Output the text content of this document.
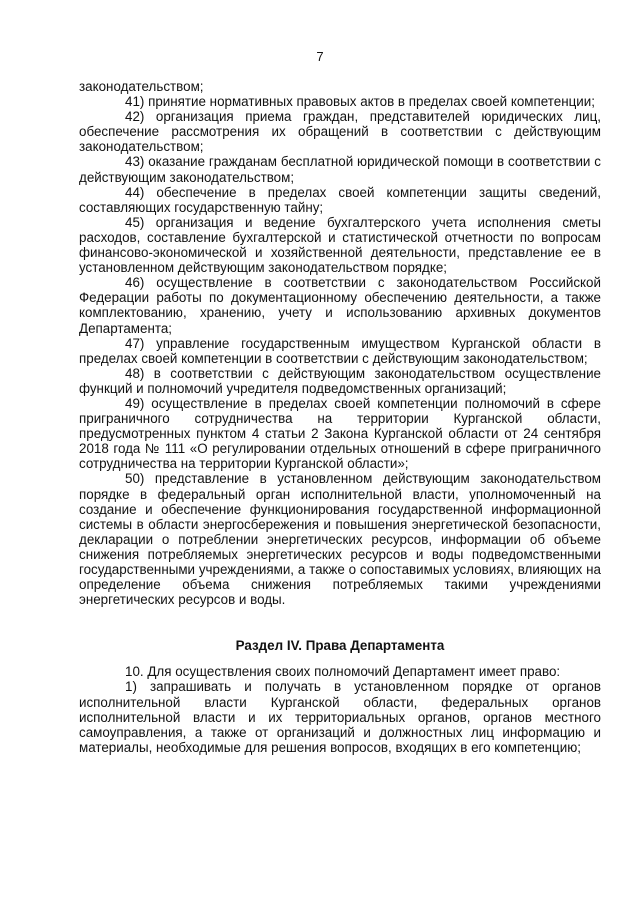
7

законодательством;

41) принятие нормативных правовых актов в пределах своей компетенции;

42) организация приема граждан, представителей юридических лиц, обеспечение рассмотрения их обращений в соответствии с действующим законодательством;

43) оказание гражданам бесплатной юридической помощи в соответствии с действующим законодательством;

44) обеспечение в пределах своей компетенции защиты сведений, составляющих государственную тайну;

45) организация и ведение бухгалтерского учета исполнения сметы расходов, составление бухгалтерской и статистической отчетности по вопросам финансово-экономической и хозяйственной деятельности, представление ее в установленном действующим законодательством порядке;

46) осуществление в соответствии с законодательством Российской Федерации работы по документационному обеспечению деятельности, а также комплектованию, хранению, учету и использованию архивных документов Департамента;

47) управление государственным имуществом Курганской области в пределах своей компетенции в соответствии с действующим законодательством;

48) в соответствии с действующим законодательством осуществление функций и полномочий учредителя подведомственных организаций;

49) осуществление в пределах своей компетенции полномочий в сфере приграничного сотрудничества на территории Курганской области, предусмотренных пунктом 4 статьи 2 Закона Курганской области от 24 сентября 2018 года № 111 «О регулировании отдельных отношений в сфере приграничного сотрудничества на территории Курганской области»;

50) представление в установленном действующим законодательством порядке в федеральный орган исполнительной власти, уполномоченный на создание и обеспечение функционирования государственной информационной системы в области энергосбережения и повышения энергетической безопасности, декларации о потреблении энергетических ресурсов, информации об объеме снижения потребляемых энергетических ресурсов и воды подведомственными государственными учреждениями, а также о сопоставимых условиях, влияющих на определение объема снижения потребляемых такими учреждениями энергетических ресурсов и воды.

Раздел IV. Права Департамента

10. Для осуществления своих полномочий Департамент имеет право:

1) запрашивать и получать в установленном порядке от органов исполнительной власти Курганской области, федеральных органов исполнительной власти и их территориальных органов, органов местного самоуправления, а также от организаций и должностных лиц информацию и материалы, необходимые для решения вопросов, входящих в его компетенцию;
